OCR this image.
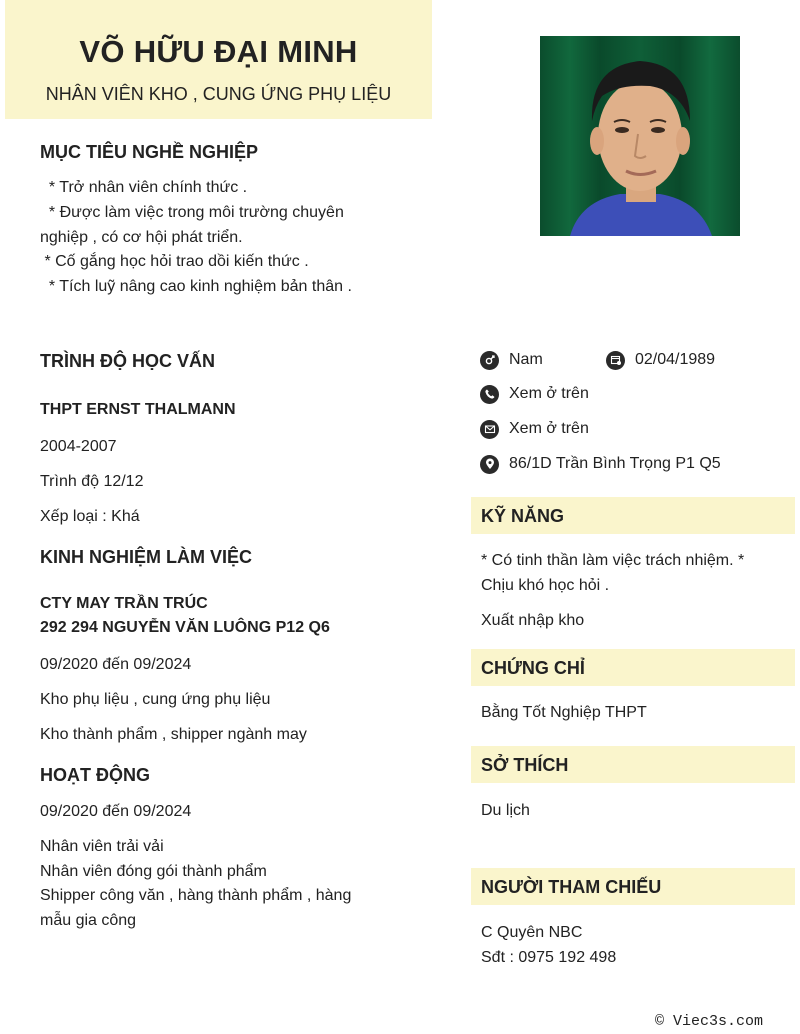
VÕ HỮU ĐẠI MINH
NHÂN VIÊN KHO , CUNG ỨNG PHỤ LIỆU
MỤC TIÊU NGHỀ NGHIỆP
* Trở nhân viên chính thức .
* Được làm việc trong môi trường chuyên
nghiệp , có cơ hội phát triển.
* Cố gắng học hỏi trao dồi kiến thức .
* Tích luỹ nâng cao kinh nghiệm bản thân .
TRÌNH ĐỘ HỌC VẤN
THPT ERNST THALMANN
2004-2007
Trình độ 12/12
Xếp loại : Khá
KINH NGHIỆM LÀM VIỆC
CTY MAY TRẦN TRÚC
292 294 NGUYỄN VĂN LUÔNG P12 Q6
09/2020 đến 09/2024
Kho phụ liệu , cung ứng phụ liệu
Kho thành phẩm , shipper ngành may
HOẠT ĐỘNG
09/2020 đến 09/2024
Nhân viên trải vải
Nhân viên đóng gói thành phẩm
Shipper công văn , hàng thành phẩm , hàng
mẫu gia công
Nam	02/04/1989
Xem ở trên
Xem ở trên
86/1D Trần Bình Trọng P1 Q5
KỸ NĂNG
* Có tinh thần làm việc trách nhiệm. *
Chịu khó học hỏi .
Xuất nhập kho
CHỨNG CHỈ
Bằng Tốt Nghiệp THPT
SỞ THÍCH
Du lịch
NGƯỜI THAM CHIẾU
C Quyên NBC
Sđt : 0975 192 498
© Viec3s.com
